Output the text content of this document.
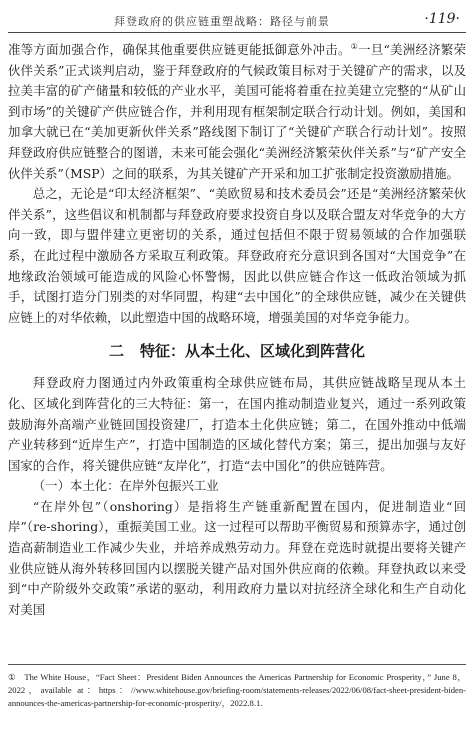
拜登政府的供应链重塑战略：路径与前景	·119·

准等方面加强合作，确保其他重要供应链更能抵御意外冲击。①一旦“美洲经济繁荣伙伴关系”正式谈判启动，鉴于拜登政府的气候政策目标对于关键矿产的需求，以及拉美丰富的矿产储量和较低的产业水平，美国可能将着重在拉美建立完整的“从矿山到市场”的关键矿产供应链合作，并利用现有框架制定联合行动计划。例如，美国和加拿大就已在“美加更新伙伴关系”路线图下制订了“关键矿产联合行动计划”。按照拜登政府供应链整合的图谱，未来可能会强化“美洲经济繁荣伙伴关系”与“矿产安全伙伴关系”（MSP）之间的联系，为其关键矿产开采和加工扩张制定投资激励措施。

总之，无论是“印太经济框架”、“美欧贸易和技术委员会”还是“美洲经济繁荣伙伴关系”，这些倡议和机制都与拜登政府要求投资自身以及联合盟友对华竞争的大方向一致，即与盟伴建立更密切的关系，通过包括但不限于贸易领域的合作加强联系，在此过程中激励各方采取互利政策。拜登政府充分意识到各国对“大国竞争”在地缘政治领域可能造成的风险心怀警惕，因此以供应链合作这一低政治领域为抓手，试图打造分门别类的对华同盟，构建“去中国化”的全球供应链，减少在关键供应链上的对华依赖，以此塑造中国的战略环境，增强美国的对华竞争能力。

二 特征：从本土化、区域化到阵营化

拜登政府力图通过内外政策重构全球供应链布局，其供应链战略呈现从本土化、区域化到阵营化的三大特征：第一，在国内推动制造业复兴，通过一系列政策鼓励海外高端产业链回国投资建厂，打造本土化供应链；第二，在国外推动中低端产业转移到“近岸生产”，打造中国制造的区域化替代方案；第三，提出加强与友好国家的合作，将关键供应链“友岸化”，打造“去中国化”的供应链阵营。

（一）本土化：在岸外包振兴工业

“在岸外包”（onshoring）是指将生产链重新配置在国内，促进制造业“回岸”（re-shoring），重振美国工业。这一过程可以帮助平衡贸易和预算赤字，通过创造高薪制造业工作减少失业，并培养成熟劳动力。拜登在竞选时就提出要将关键产业供应链从海外转移回国内以摆脱关键产品对国外供应商的依赖。拜登执政以来受到“中产阶级外交政策”承诺的驱动，利用政府力量以对抗经济全球化和生产自动化对美国

① The White House，“Fact Sheet：President Biden Announces the Americas Partnership for Economic Prosperity，” June 8，2022，available at：https：//www.whitehouse.gov/briefing-room/statements-releases/2022/06/08/fact-sheet-president-biden-announces-the-americas-partnership-for-economic-prosperity/，2022.8.1.
